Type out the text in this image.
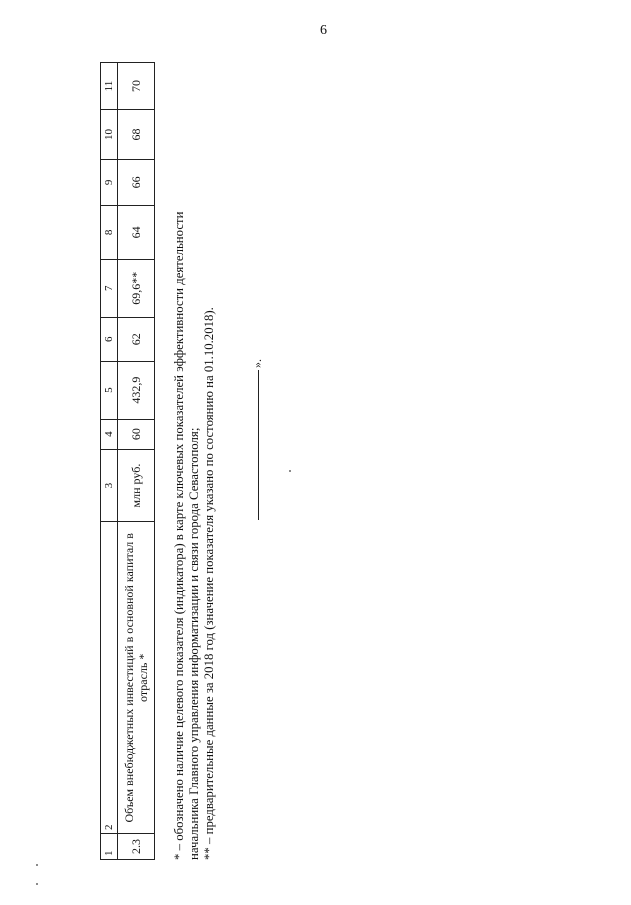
6
1	2	3	4	5	6	7	8	9	10	11
2.3	Объем внебюджетных инвестиций в основной капитал в отрасль *	млн руб.	60	432,9	62	69,6**	64	66	68	70

* – обозначено наличие целевого показателя (индикатора) в карте ключевых показателей эффективности деятельности начальника Главного управления информатизации и связи города Севастополя; ** – предварительные данные за 2018 год (значение показателя указано по состоянию на 01.10.2018).	».
